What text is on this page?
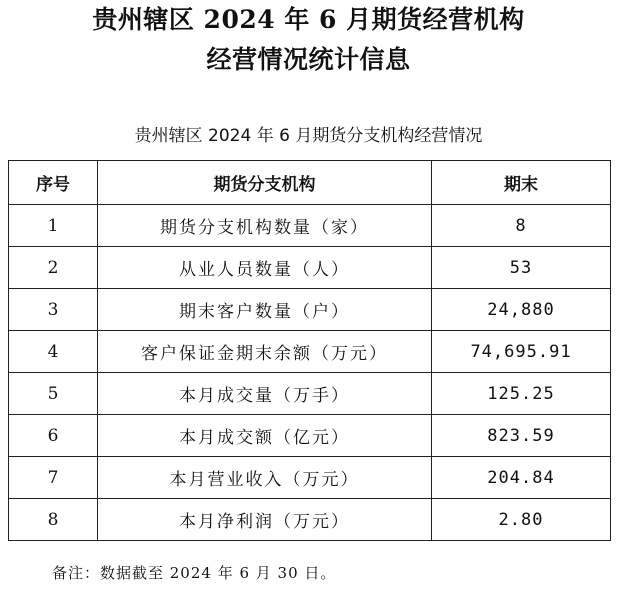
贵州辖区 2024 年 6 月期货经营机构
经营情况统计信息
贵州辖区 2024 年 6 月期货分支机构经营情况
序号	期货分支机构	期末
1	期货分支机构数量（家）	8
2	从业人员数量（人）	53
3	期末客户数量（户）	24,880
4	客户保证金期末余额（万元）	74,695.91
5	本月成交量（万手）	125.25
6	本月成交额（亿元）	823.59
7	本月营业收入（万元）	204.84
8	本月净利润（万元）	2.80
备注：数据截至 2024 年 6 月 30 日。
